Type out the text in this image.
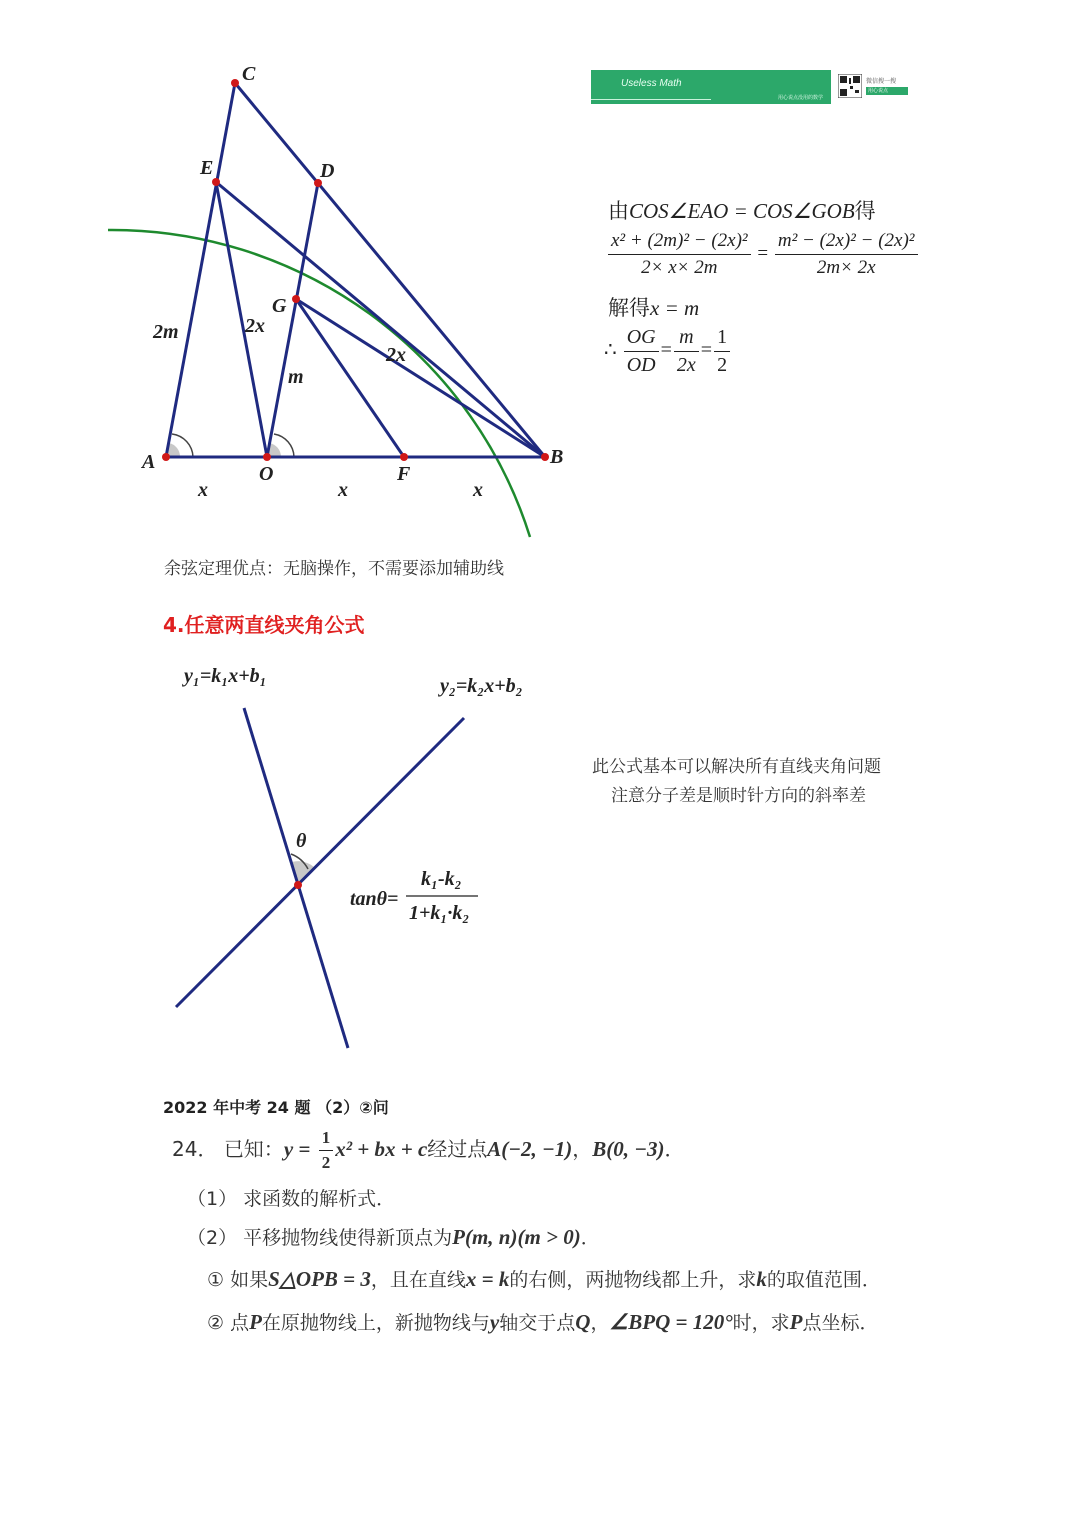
Useless Math
用心说点没用的数学
微信搜一搜
用心说点
A
O	F
B
C
E	D
G
2m	2x
m
2x
x	x	x
由COS∠EAO = COS∠GOB得
$\frac{\text{x² + (2m)² − (2x)²}}{2\times x\times 2m} = \frac{\text{m² − (2x)² − (2x)²}}{2m\times 2x}$
解得x = m
∴ $\frac{OG}{OD} = \frac{m}{2x} = \frac{1}{2}$
余弦定理优点：无脑操作，不需要添加辅助线
4.任意两直线夹角公式
y₁=k₁x+b₁	y₂=k₂x+b₂
θ
tanθ=
k₁-k₂
1+k₁·k₂
此公式基本可以解决所有直线夹角问题
注意分子差是顺时针方向的斜率差
2022 年中考 24 题 （2）②问
24． 已知：$y = \frac{1}{2} x^2$ + bx + c经过点A(−2, −1)，B(0, −3)．
（1） 求函数的解析式．
（2） 平移抛物线使得新顶点为P(m, n)(m > 0)．
① 如果S△OPB = 3，且在直线x = k的右侧，两抛物线都上升，求k的取值范围．
② 点P在原抛物线上，新抛物线与y轴交于点Q，∠BPQ = 120°时，求P点坐标．
